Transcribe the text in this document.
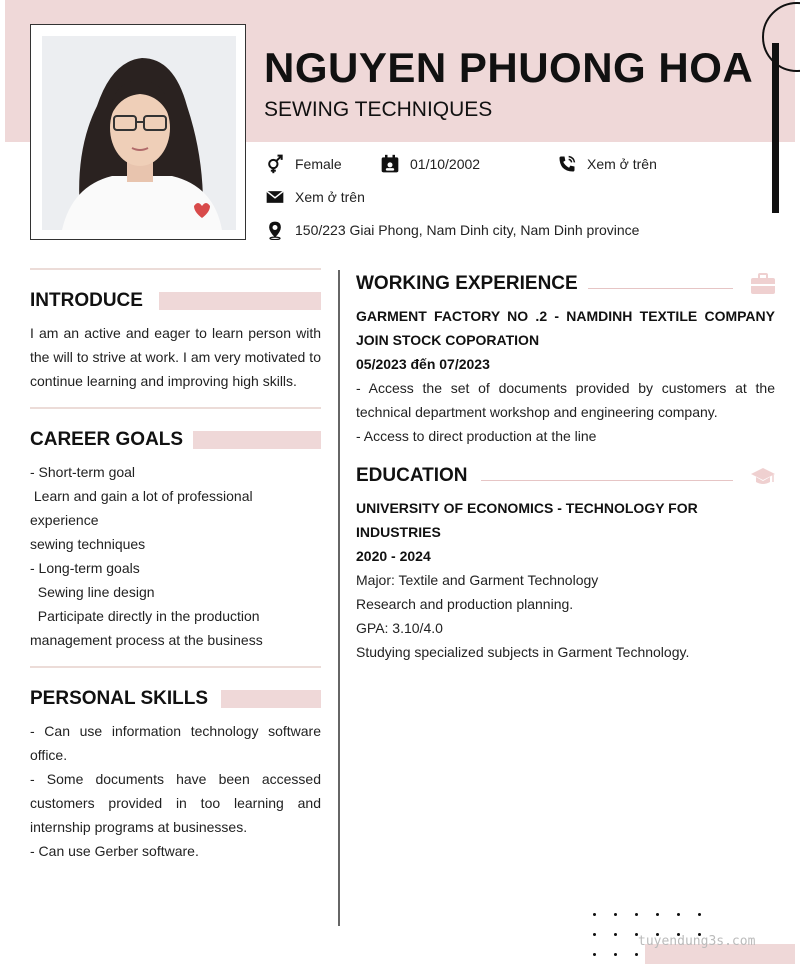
NGUYEN PHUONG HOA
SEWING TECHNIQUES
Female	01/10/2002	Xem ở trên
Xem ở trên
150/223 Giai Phong, Nam Dinh city, Nam Dinh province
INTRODUCE
I am an active and eager to learn person with the will to strive at work. I am very motivated to continue learning and improving high skills.
CAREER GOALS
- Short-term goal
Learn and gain a lot of professional
experience
sewing techniques
- Long-term goals
Sewing line design
Participate directly in the production
management process at the business
PERSONAL SKILLS
- Can use information technology software office.
- Some documents have been accessed customers provided in too learning and internship programs at businesses.
- Can use Gerber software.
WORKING EXPERIENCE
GARMENT FACTORY NO .2 - NAMDINH TEXTILE COMPANY JOIN STOCK COPORATION
05/2023 đến 07/2023
- Access the set of documents provided by customers at the technical department workshop and engineering company.
- Access to direct production at the line
EDUCATION
UNIVERSITY OF ECONOMICS - TECHNOLOGY FOR INDUSTRIES
2020 - 2024
Major: Textile and Garment Technology
Research and production planning.
GPA: 3.10/4.0
Studying specialized subjects in Garment Technology.
tuyendung3s.com
